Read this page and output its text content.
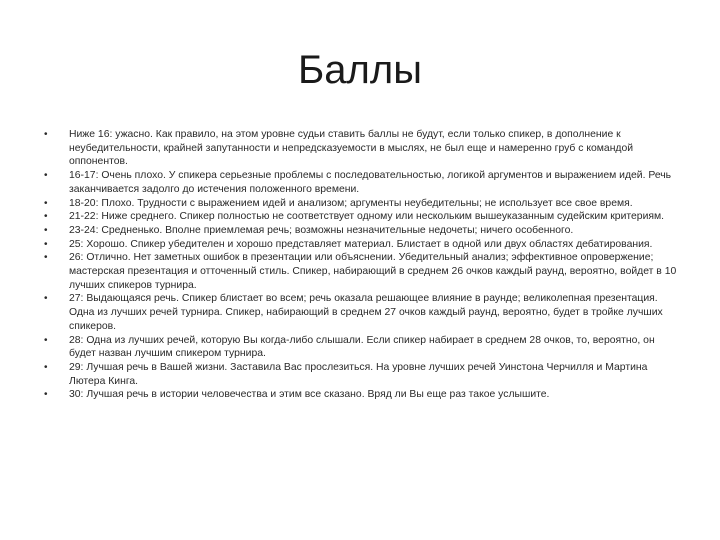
Баллы
• Ниже 16: ужасно. Как правило, на этом уровне судьи ставить баллы не будут, если только спикер, в дополнение к неубедительности, крайней запутанности и непредсказуемости в мыслях, не был еще и намеренно груб с командой оппонентов.
• 16-17: Очень плохо. У спикера серьезные проблемы с последовательностью, логикой аргументов и выражением идей. Речь заканчивается задолго до истечения положенного времени.
• 18-20: Плохо. Трудности с выражением идей и анализом; аргументы неубедительны; не использует все свое время.
• 21-22: Ниже среднего. Спикер полностью не соответствует одному или нескольким вышеуказанным судейским критериям.
• 23-24: Средненько. Вполне приемлемая речь; возможны незначительные недочеты; ничего особенного.
• 25: Хорошо. Спикер убедителен и хорошо представляет материал. Блистает в одной или двух областях дебатирования.
• 26: Отлично. Нет заметных ошибок в презентации или объяснении. Убедительный анализ; эффективное опровержение; мастерская презентация и отточенный стиль. Спикер, набирающий в среднем 26 очков каждый раунд, вероятно, войдет в 10 лучших спикеров турнира.
• 27: Выдающаяся речь. Спикер блистает во всем; речь оказала решающее влияние в раунде; великолепная презентация. Одна из лучших речей турнира. Спикер, набирающий в среднем 27 очков каждый раунд, вероятно, будет в тройке лучших спикеров.
• 28: Одна из лучших речей, которую Вы когда-либо слышали. Если спикер набирает в среднем 28 очков, то, вероятно, он будет назван лучшим спикером турнира.
• 29: Лучшая речь в Вашей жизни. Заставила Вас прослезиться. На уровне лучших речей Уинстона Черчилля и Мартина Лютера Кинга.
• 30: Лучшая речь в истории человечества и этим все сказано. Вряд ли Вы еще раз такое услышите.
